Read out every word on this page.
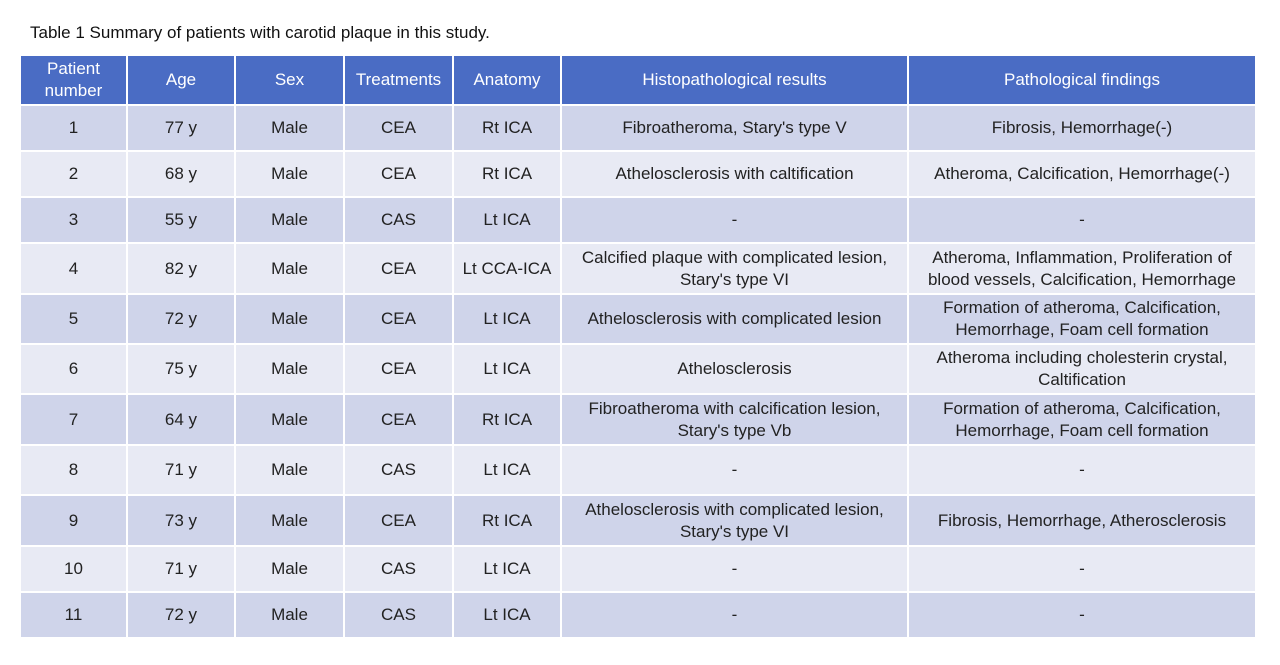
Table 1 Summary of patients with carotid plaque in this study.
Patient number	Age	Sex	Treatments	Anatomy	Histopathological results	Pathological findings
1	77 y	Male	CEA	Rt ICA	Fibroatheroma, Stary's type V	Fibrosis, Hemorrhage(-)
2	68 y	Male	CEA	Rt ICA	Athelosclerosis with caltification	Atheroma, Calcification, Hemorrhage(-)
3	55 y	Male	CAS	Lt ICA	-	-
4	82 y	Male	CEA	Lt CCA-ICA	Calcified plaque with complicated lesion, Stary's type VI	Atheroma, Inflammation, Proliferation of blood vessels, Calcification, Hemorrhage
5	72 y	Male	CEA	Lt ICA	Athelosclerosis with complicated lesion	Formation of atheroma, Calcification, Hemorrhage, Foam cell formation
6	75 y	Male	CEA	Lt ICA	Athelosclerosis	Atheroma including cholesterin crystal, Caltification
7	64 y	Male	CEA	Rt ICA	Fibroatheroma with calcification lesion, Stary's type Vb	Formation of atheroma, Calcification, Hemorrhage, Foam cell formation
8	71 y	Male	CAS	Lt ICA	-	-
9	73 y	Male	CEA	Rt ICA	Athelosclerosis with complicated lesion, Stary's type VI	Fibrosis, Hemorrhage, Atherosclerosis
10	71 y	Male	CAS	Lt ICA	-	-
11	72 y	Male	CAS	Lt ICA	-	-
